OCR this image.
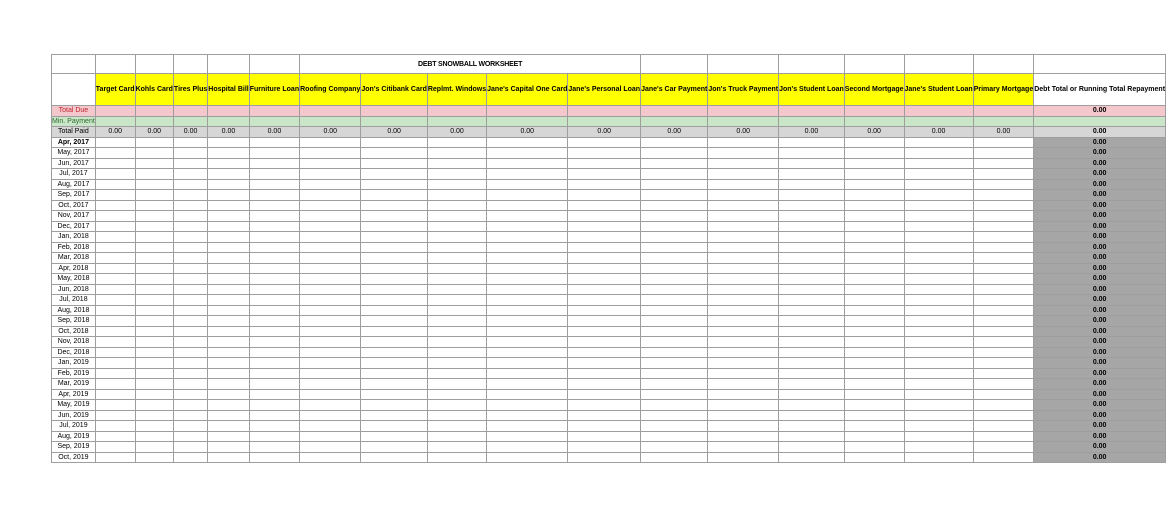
						DEBT SNOWBALL WORKSHEET											
	Target Card	Kohls Card	Tires Plus	Hospital Bill	Furniture Loan	Roofing Company	Jon's Citibank Card	Replmt. Windows	Jane's Capital One Card	Jane's Personal Loan	Jane's Car Payment	Jon's Truck Payment	Jon's Student Loan	Second Mortgage	Jane's Student Loan	Primary Mortgage	Debt Total or Running Total Repayment
Total Due																	0.00
Min. Payment																	
Total Paid	0.00	0.00	0.00	0.00	0.00	0.00	0.00	0.00	0.00	0.00	0.00	0.00	0.00	0.00	0.00	0.00	0.00
Apr, 2017																	0.00
May, 2017																	0.00
Jun, 2017																	0.00
Jul, 2017																	0.00
Aug, 2017																	0.00
Sep, 2017																	0.00
Oct, 2017																	0.00
Nov, 2017																	0.00
Dec, 2017																	0.00
Jan, 2018																	0.00
Feb, 2018																	0.00
Mar, 2018																	0.00
Apr, 2018																	0.00
May, 2018																	0.00
Jun, 2018																	0.00
Jul, 2018																	0.00
Aug, 2018																	0.00
Sep, 2018																	0.00
Oct, 2018																	0.00
Nov, 2018																	0.00
Dec, 2018																	0.00
Jan, 2019																	0.00
Feb, 2019																	0.00
Mar, 2019																	0.00
Apr, 2019																	0.00
May, 2019																	0.00
Jun, 2019																	0.00
Jul, 2019																	0.00
Aug, 2019																	0.00
Sep, 2019																	0.00
Oct, 2019																	0.00
